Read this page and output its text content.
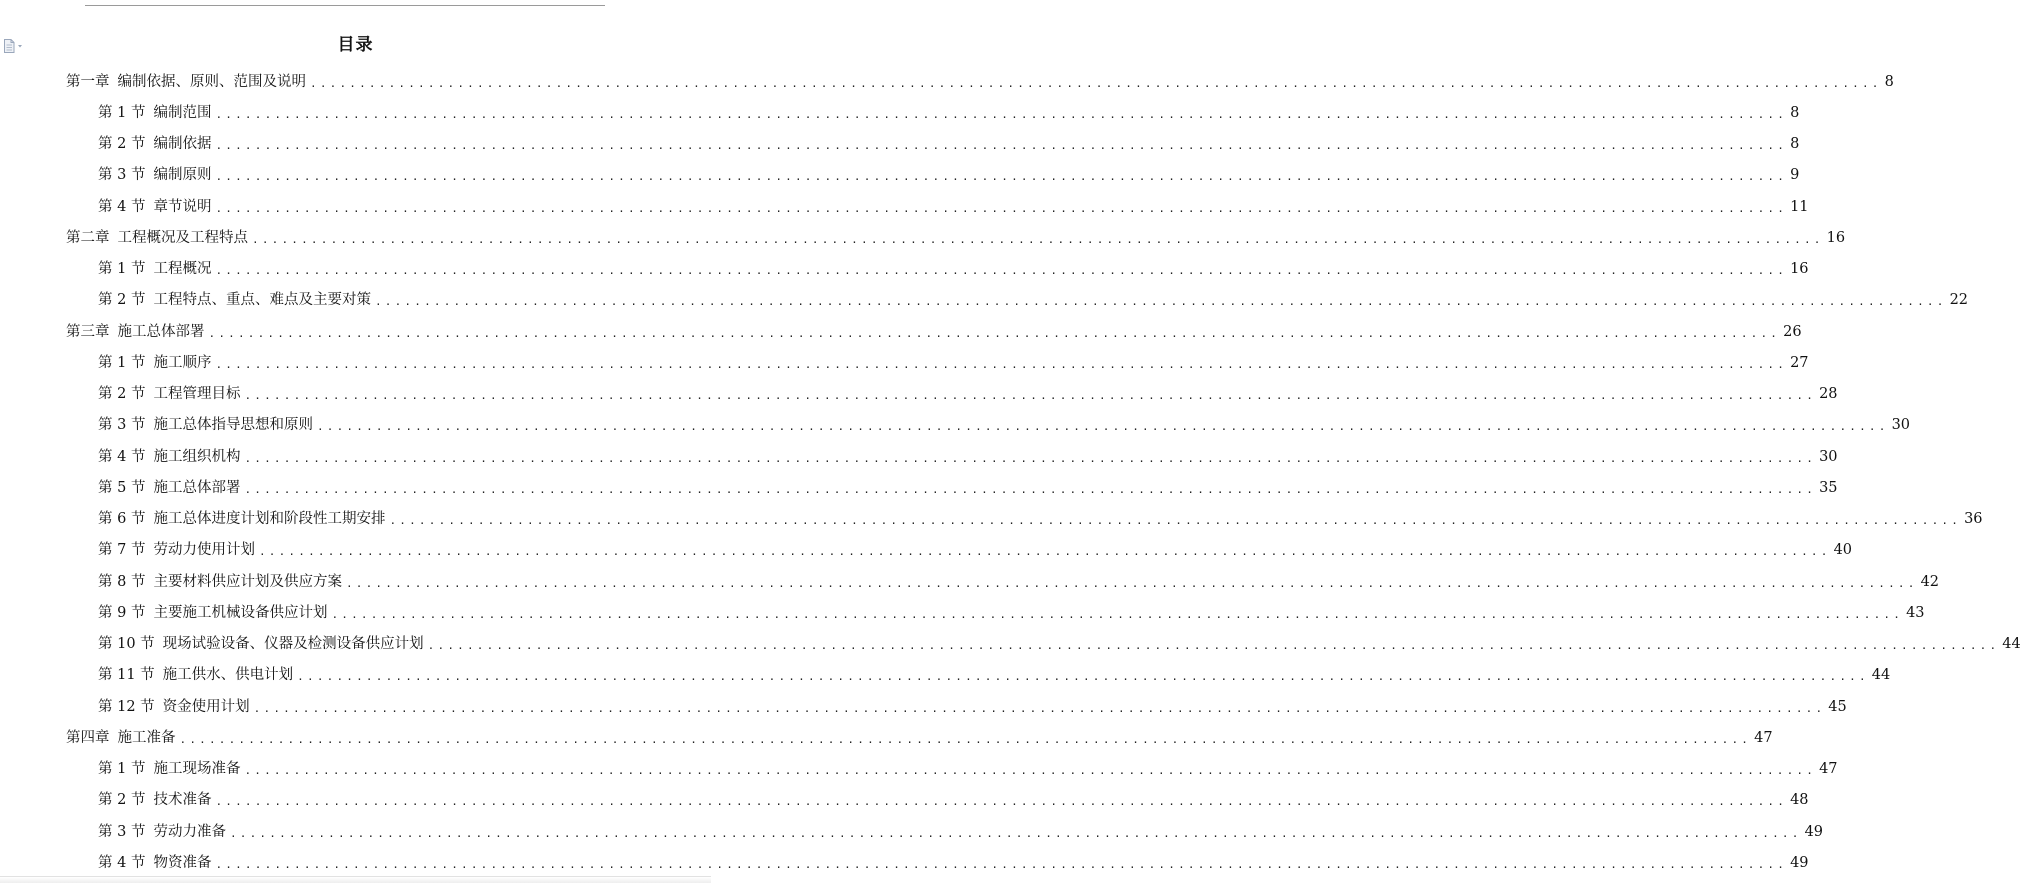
目录
第一章 编制依据、原则、范围及说明 ................................................................................................................................................................ 8
第 1 节 编制范围 ................................................................................................................................................................ 8
第 2 节 编制依据 ................................................................................................................................................................ 8
第 3 节 编制原则 ................................................................................................................................................................ 9
第 4 节 章节说明 ................................................................................................................................................................ 11
第二章 工程概况及工程特点 ................................................................................................................................................................ 16
第 1 节 工程概况 ................................................................................................................................................................ 16
第 2 节 工程特点、重点、难点及主要对策 ................................................................................................................................................................ 22
第三章 施工总体部署 ................................................................................................................................................................ 26
第 1 节 施工顺序 ................................................................................................................................................................ 27
第 2 节 工程管理目标 ................................................................................................................................................................ 28
第 3 节 施工总体指导思想和原则 ................................................................................................................................................................ 30
第 4 节 施工组织机构 ................................................................................................................................................................ 30
第 5 节 施工总体部署 ................................................................................................................................................................ 35
第 6 节 施工总体进度计划和阶段性工期安排 ................................................................................................................................................................ 36
第 7 节 劳动力使用计划 ................................................................................................................................................................ 40
第 8 节 主要材料供应计划及供应方案 ................................................................................................................................................................ 42
第 9 节 主要施工机械设备供应计划 ................................................................................................................................................................ 43
第 10 节 现场试验设备、仪器及检测设备供应计划 ................................................................................................................................................................ 44
第 11 节 施工供水、供电计划 ................................................................................................................................................................ 44
第 12 节 资金使用计划 ................................................................................................................................................................ 45
第四章 施工准备 ................................................................................................................................................................ 47
第 1 节 施工现场准备 ................................................................................................................................................................ 47
第 2 节 技术准备 ................................................................................................................................................................ 48
第 3 节 劳动力准备 ................................................................................................................................................................ 49
第 4 节 物资准备 ................................................................................................................................................................ 49
